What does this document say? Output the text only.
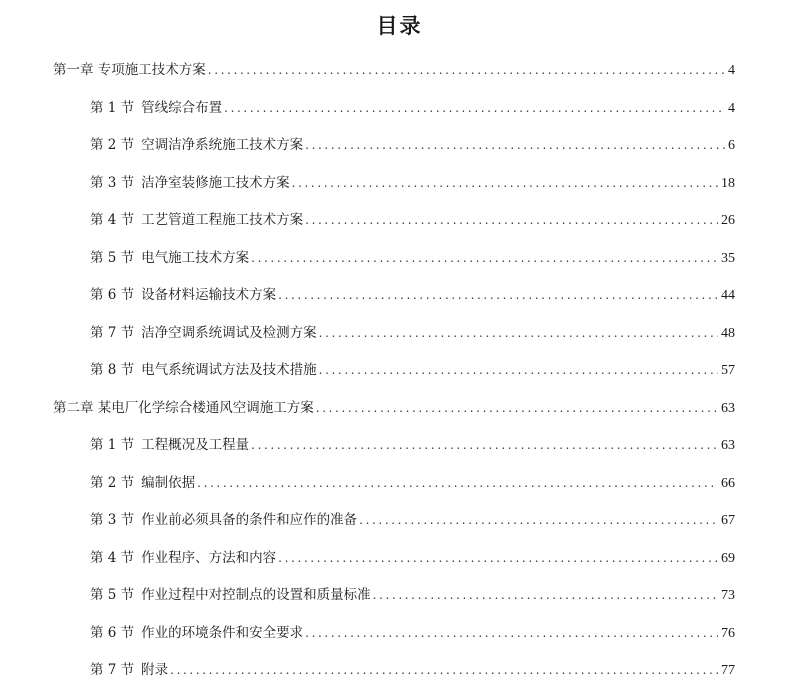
目录
第一章 专项施工技术方案 .....	4
第 1 节 管线综合布置 .....	4
第 2 节 空调洁净系统施工技术方案 .....	6
第 3 节 洁净室装修施工技术方案 .....	18
第 4 节 工艺管道工程施工技术方案 .....	26
第 5 节 电气施工技术方案 .....	35
第 6 节 设备材料运输技术方案 .....	44
第 7 节 洁净空调系统调试及检测方案 .....	48
第 8 节 电气系统调试方法及技术措施 .....	57
第二章 某电厂化学综合楼通风空调施工方案 .....	63
第 1 节 工程概况及工程量 .....	63
第 2 节 编制依据 .....	66
第 3 节 作业前必须具备的条件和应作的准备 .....	67
第 4 节 作业程序、方法和内容 .....	69
第 5 节 作业过程中对控制点的设置和质量标准 .....	73
第 6 节 作业的环境条件和安全要求 .....	76
第 7 节 附录 .....	77
